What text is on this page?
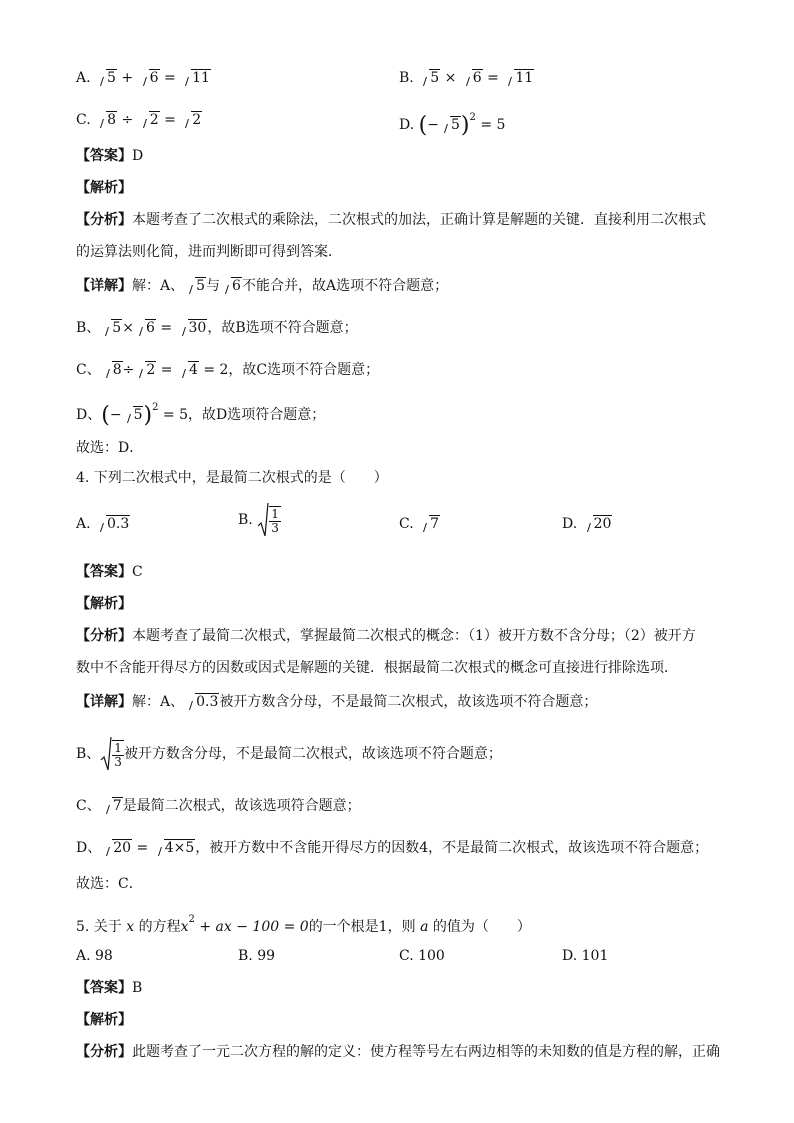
A. 5 + 6 = 11	B. 5 × 6 = 11
C. 8 ÷ 2 = 2	D. (− 5)$^2$ = 5
【答案】D
【解析】
【分析】本题考查了二次根式的乘除法，二次根式的加法，正确计算是解题的关键．直接利用二次根式
的运算法则化简，进而判断即可得到答案．
【详解】解：A、 5与 6不能合并，故A选项不符合题意；
B、 5× 6 = 30，故B选项不符合题意；
C、 8÷ 2 = 4 = 2，故C选项不符合题意；
D、(− 5)$^2$ = 5，故D选项符合题意；
故选：D．
4. 下列二次根式中，是最简二次根式的是（　　）
A. 0.3	B. $\frac{1}{3}$	C. 7	D. 20
【答案】C
【解析】
【分析】本题考查了最简二次根式，掌握最简二次根式的概念：（1）被开方数不含分母；（2）被开方
数中不含能开得尽方的因数或因式是解题的关键．根据最简二次根式的概念可直接进行排除选项．
【详解】解：A、 0.3被开方数含分母，不是最简二次根式，故该选项不符合题意；
B、 $\frac{1}{3}$ 被开方数含分母，不是最简二次根式，故该选项不符合题意；
C、 7是最简二次根式，故该选项符合题意；
D、 20 = 4×5，被开方数中不含能开得尽方的因数4，不是最简二次根式，故该选项不符合题意；
故选：C．
5. 关于 x 的方程$x^2$ + ax − 100 = 0的一个根是1，则 a 的值为（　　）
A. 98	B. 99	C. 100	D. 101
【答案】B
【解析】
【分析】此题考查了一元二次方程的解的定义：使方程等号左右两边相等的未知数的值是方程的解，正确
